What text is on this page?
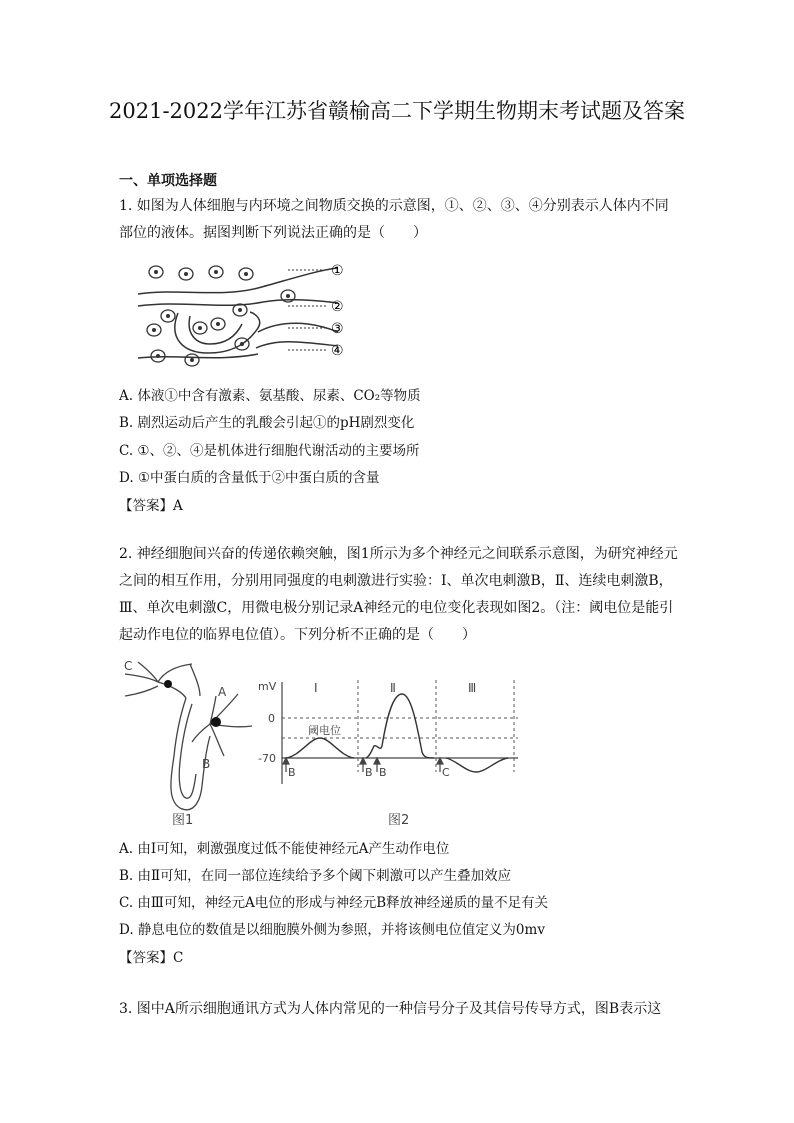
2021-2022学年江苏省赣榆高二下学期生物期末考试题及答案
一、单项选择题
1. 如图为人体细胞与内环境之间物质交换的示意图，①、②、③、④分别表示人体内不同部位的液体。据图判断下列说法正确的是（　　）
①
②
③
④
A. 体液①中含有激素、氨基酸、尿素、CO₂等物质
B. 剧烈运动后产生的乳酸会引起①的pH剧烈变化
C. ①、②、④是机体进行细胞代谢活动的主要场所
D. ①中蛋白质的含量低于②中蛋白质的含量
【答案】A
2. 神经细胞间兴奋的传递依赖突触，图1所示为多个神经元之间联系示意图，为研究神经元之间的相互作用，分别用同强度的电刺激进行实验：Ⅰ、单次电刺激B，Ⅱ、连续电刺激B，Ⅲ、单次电刺激C，用微电极分别记录A神经元的电位变化表现如图2。（注：阈电位是能引起动作电位的临界电位值）。下列分析不正确的是（　　）
C
A
B
图1
mV
0
-70
阈电位
Ⅰ	Ⅱ	Ⅲ
B	B B	C
图2
A. 由Ⅰ可知，刺激强度过低不能使神经元A产生动作电位
B. 由Ⅱ可知，在同一部位连续给予多个阈下刺激可以产生叠加效应
C. 由Ⅲ可知，神经元A电位的形成与神经元B释放神经递质的量不足有关
D. 静息电位的数值是以细胞膜外侧为参照，并将该侧电位值定义为0mv
【答案】C
3. 图中A所示细胞通讯方式为人体内常见的一种信号分子及其信号传导方式，图B表示这
